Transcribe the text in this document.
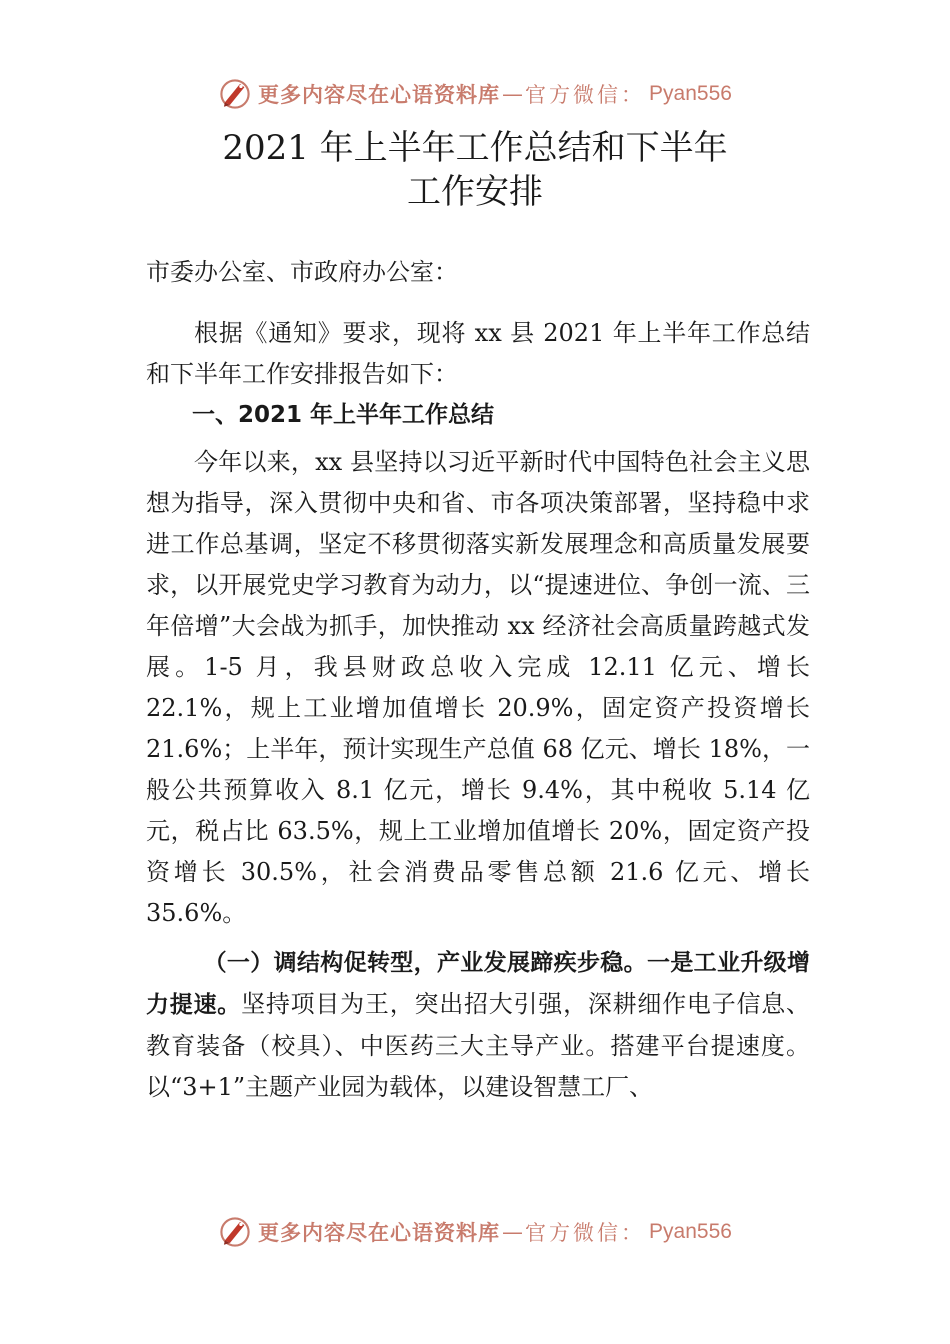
更多内容尽在心语资料库 — 官方微信： Pyan556
2021 年上半年工作总结和下半年
工作安排

市委办公室、市政府办公室：

根据《通知》要求，现将 xx 县 2021 年上半年工作总结和下半年工作安排报告如下：

一、2021 年上半年工作总结

今年以来，xx 县坚持以习近平新时代中国特色社会主义思想为指导，深入贯彻中央和省、市各项决策部署，坚持稳中求进工作总基调，坚定不移贯彻落实新发展理念和高质量发展要求，以开展党史学习教育为动力，以“提速进位、争创一流、三年倍增”大会战为抓手，加快推动 xx 经济社会高质量跨越式发展。1-5 月，我县财政总收入完成 12.11 亿元、增长 22.1%，规上工业增加值增长 20.9%，固定资产投资增长 21.6%；上半年，预计实现生产总值 68 亿元、增长 18%，一般公共预算收入 8.1 亿元，增长 9.4%，其中税收 5.14 亿元，税占比 63.5%，规上工业增加值增长 20%，固定资产投资增长 30.5%，社会消费品零售总额 21.6 亿元、增长 35.6%。

（一）调结构促转型，产业发展蹄疾步稳。一是工业升级增力提速。坚持项目为王，突出招大引强，深耕细作电子信息、教育装备（校具）、中医药三大主导产业。搭建平台提速度。以“3+1”主题产业园为载体，以建设智慧工厂、

更多内容尽在心语资料库 — 官方微信： Pyan556
